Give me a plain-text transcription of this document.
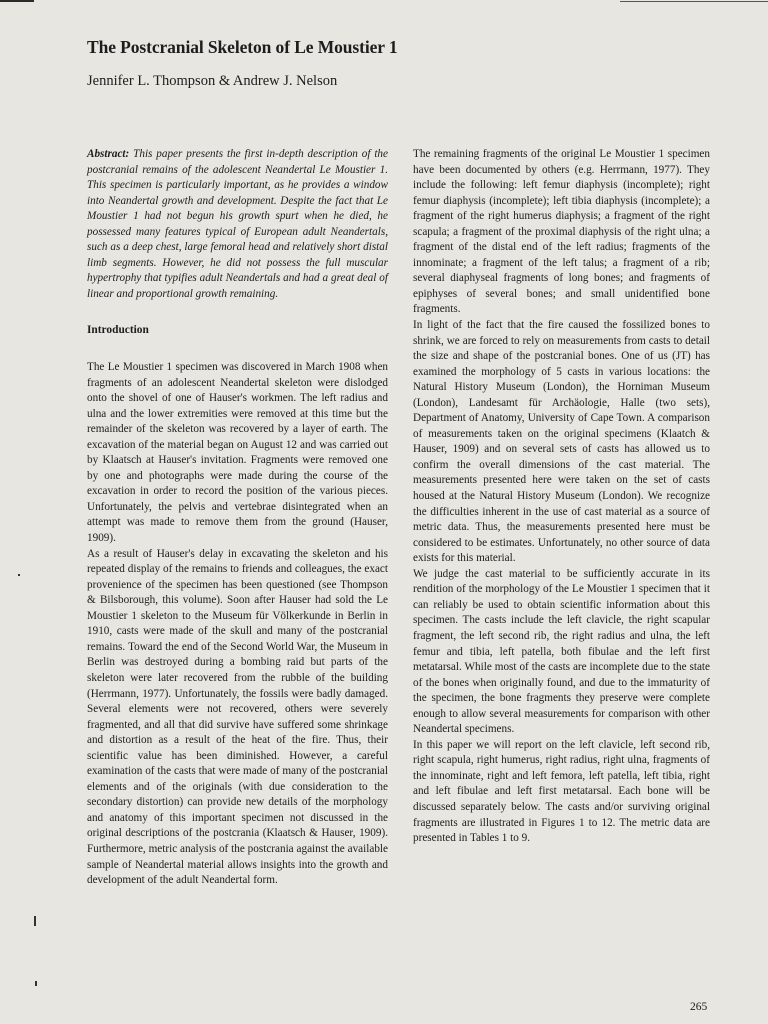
The Postcranial Skeleton of Le Moustier 1

Jennifer L. Thompson & Andrew J. Nelson

Abstract: This paper presents the first in-depth description of the postcranial remains of the adolescent Neandertal Le Moustier 1. This specimen is particularly important, as he provides a window into Neandertal growth and development. Despite the fact that Le Moustier 1 had not begun his growth spurt when he died, he possessed many features typical of European adult Neandertals, such as a deep chest, large femoral head and relatively short distal limb segments. However, he did not possess the full muscular hypertrophy that typifies adult Neandertals and had a great deal of linear and proportional growth remaining.

Introduction

The Le Moustier 1 specimen was discovered in March 1908 when fragments of an adolescent Neandertal skeleton were dislodged onto the shovel of one of Hauser's workmen. The left radius and ulna and the lower extremities were removed at this time but the remainder of the skeleton was recovered by a layer of earth. The excavation of the material began on August 12 and was carried out by Klaatsch at Hauser's invitation. Fragments were removed one by one and photographs were made during the course of the excavation in order to record the position of the various pieces. Unfortunately, the pelvis and vertebrae disintegrated when an attempt was made to remove them from the ground (Hauser, 1909).

As a result of Hauser's delay in excavating the skeleton and his repeated display of the remains to friends and colleagues, the exact provenience of the specimen has been questioned (see Thompson & Bilsborough, this volume). Soon after Hauser had sold the Le Moustier 1 skeleton to the Museum für Völkerkunde in Berlin in 1910, casts were made of the skull and many of the postcranial remains. Toward the end of the Second World War, the Museum in Berlin was destroyed during a bombing raid but parts of the skeleton were later recovered from the rubble of the building (Herrmann, 1977). Unfortunately, the fossils were badly damaged. Several elements were not recovered, others were severely fragmented, and all that did survive have suffered some shrinkage and distortion as a result of the heat of the fire. Thus, their scientific value has been diminished. However, a careful examination of the casts that were made of many of the postcranial elements and of the originals (with due consideration to the secondary distortion) can provide new details of the morphology and anatomy of this important specimen not discussed in the original descriptions of the postcrania (Klaatsch & Hauser, 1909). Furthermore, metric analysis of the postcrania against the available sample of Neandertal material allows insights into the growth and development of the adult Neandertal form.

The remaining fragments of the original Le Moustier 1 specimen have been documented by others (e.g. Herrmann, 1977). They include the following: left femur diaphysis (incomplete); right femur diaphysis (incomplete); left tibia diaphysis (incomplete); a fragment of the right humerus diaphysis; a fragment of the right scapula; a fragment of the proximal diaphysis of the right ulna; a fragment of the distal end of the left radius; fragments of the innominate; a fragment of the left talus; a fragment of a rib; several diaphyseal fragments of long bones; and fragments of epiphyses of several bones; and small unidentified bone fragments.

In light of the fact that the fire caused the fossilized bones to shrink, we are forced to rely on measurements from casts to detail the size and shape of the postcranial bones. One of us (JT) has examined the morphology of 5 casts in various locations: the Natural History Museum (London), the Horniman Museum (London), Landesamt für Archäologie, Halle (two sets), Department of Anatomy, University of Cape Town. A comparison of measurements taken on the original specimens (Klaatch & Hauser, 1909) and on several sets of casts has allowed us to confirm the overall dimensions of the cast material. The measurements presented here were taken on the set of casts housed at the Natural History Museum (London). We recognize the difficulties inherent in the use of cast material as a source of metric data. Thus, the measurements presented here must be considered to be estimates. Unfortunately, no other source of data exists for this material.

We judge the cast material to be sufficiently accurate in its rendition of the morphology of the Le Moustier 1 specimen that it can reliably be used to obtain scientific information about this specimen. The casts include the left clavicle, the right scapular fragment, the left second rib, the right radius and ulna, the left femur and tibia, left patella, both fibulae and the left first metatarsal. While most of the casts are incomplete due to the state of the bones when originally found, and due to the immaturity of the specimen, the bone fragments they preserve were complete enough to allow several measurements for comparison with other Neandertal specimens.

In this paper we will report on the left clavicle, left second rib, right scapula, right humerus, right radius, right ulna, fragments of the innominate, right and left femora, left patella, left tibia, right and left fibulae and left first metatarsal. Each bone will be discussed separately below. The casts and/or surviving original fragments are illustrated in Figures 1 to 12. The metric data are presented in Tables 1 to 9.

265
